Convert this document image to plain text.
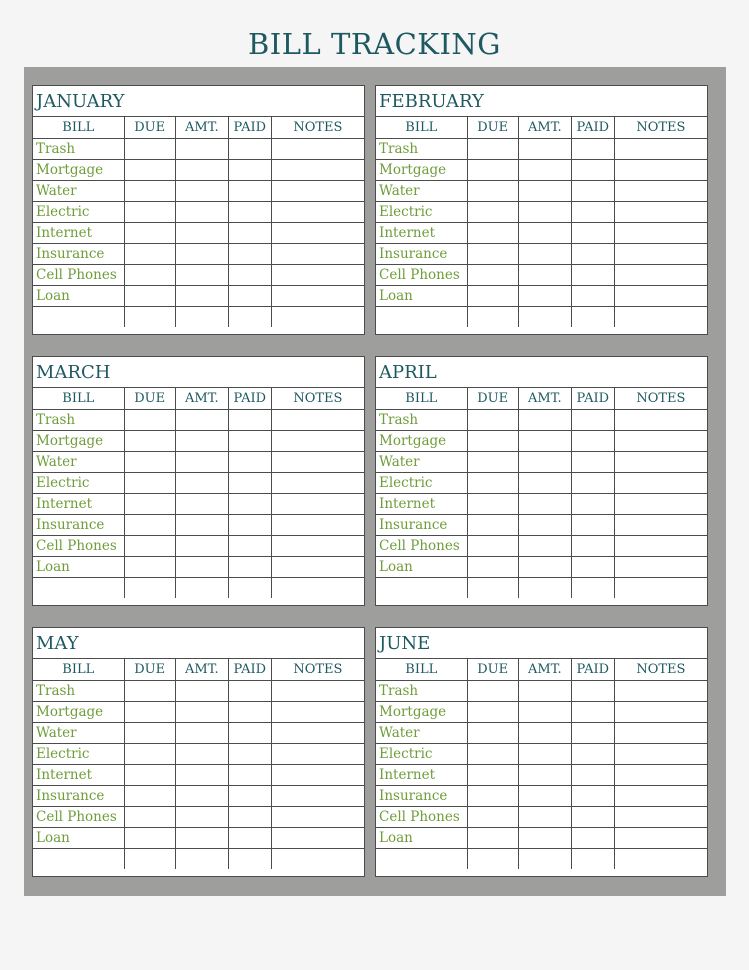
BILL TRACKING
JANUARY
BILL	DUE	AMT.	PAID	NOTES
Trash				
Mortgage				
Water				
Electric				
Internet				
Insurance				
Cell Phones				
Loan				

FEBRUARY
BILL	DUE	AMT.	PAID	NOTES
Trash				
Mortgage				
Water				
Electric				
Internet				
Insurance				
Cell Phones				
Loan				

MARCH
BILL	DUE	AMT.	PAID	NOTES
Trash				
Mortgage				
Water				
Electric				
Internet				
Insurance				
Cell Phones				
Loan				

APRIL
BILL	DUE	AMT.	PAID	NOTES
Trash				
Mortgage				
Water				
Electric				
Internet				
Insurance				
Cell Phones				
Loan				

MAY
BILL	DUE	AMT.	PAID	NOTES
Trash				
Mortgage				
Water				
Electric				
Internet				
Insurance				
Cell Phones				
Loan				

JUNE
BILL	DUE	AMT.	PAID	NOTES
Trash				
Mortgage				
Water				
Electric				
Internet				
Insurance				
Cell Phones				
Loan				
